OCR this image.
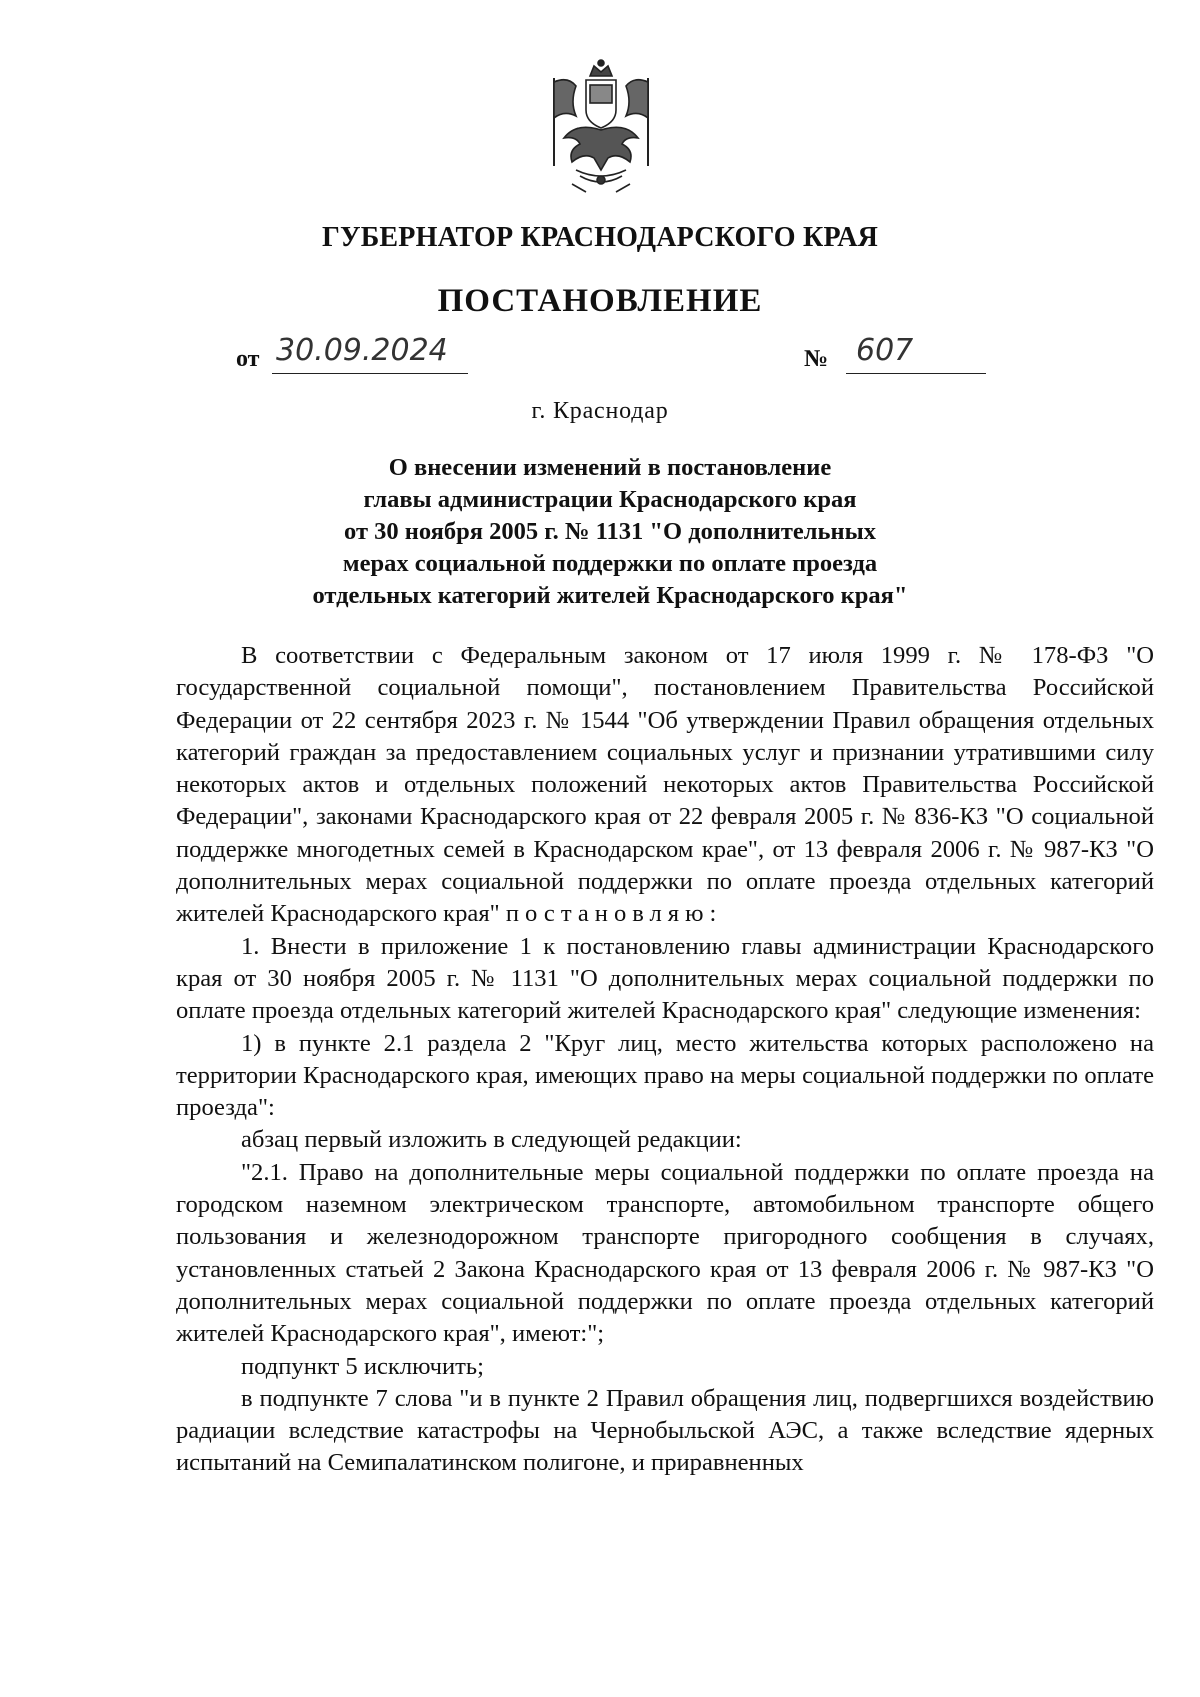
ГУБЕРНАТОР КРАСНОДАРСКОГО КРАЯ
ПОСТАНОВЛЕНИЕ
от 30.09.2024	№ 607
г. Краснодар
О внесении изменений в постановление
главы администрации Краснодарского края
от 30 ноября 2005 г. № 1131 "О дополнительных
мерах социальной поддержки по оплате проезда
отдельных категорий жителей Краснодарского края"

В соответствии с Федеральным законом от 17 июля 1999 г. № 178-ФЗ "О государственной социальной помощи", постановлением Правительства Российской Федерации от 22 сентября 2023 г. № 1544 "Об утверждении Правил обращения отдельных категорий граждан за предоставлением социальных услуг и признании утратившими силу некоторых актов и отдельных положений некоторых актов Правительства Российской Федерации", законами Краснодарского края от 22 февраля 2005 г. № 836-КЗ "О социальной поддержке многодетных семей в Краснодарском крае", от 13 февраля 2006 г. № 987-КЗ "О дополнительных мерах социальной поддержки по оплате проезда отдельных категорий жителей Краснодарского края" постановляю:

1. Внести в приложение 1 к постановлению главы администрации Краснодарского края от 30 ноября 2005 г. № 1131 "О дополнительных мерах социальной поддержки по оплате проезда отдельных категорий жителей Краснодарского края" следующие изменения:

1) в пункте 2.1 раздела 2 "Круг лиц, место жительства которых расположено на территории Краснодарского края, имеющих право на меры социальной поддержки по оплате проезда":

абзац первый изложить в следующей редакции:

"2.1. Право на дополнительные меры социальной поддержки по оплате проезда на городском наземном электрическом транспорте, автомобильном транспорте общего пользования и железнодорожном транспорте пригородного сообщения в случаях, установленных статьей 2 Закона Краснодарского края от 13 февраля 2006 г. № 987-КЗ "О дополнительных мерах социальной поддержки по оплате проезда отдельных категорий жителей Краснодарского края", имеют:";

подпункт 5 исключить;

в подпункте 7 слова "и в пункте 2 Правил обращения лиц, подвергшихся воздействию радиации вследствие катастрофы на Чернобыльской АЭС, а также вследствие ядерных испытаний на Семипалатинском полигоне, и приравненных
